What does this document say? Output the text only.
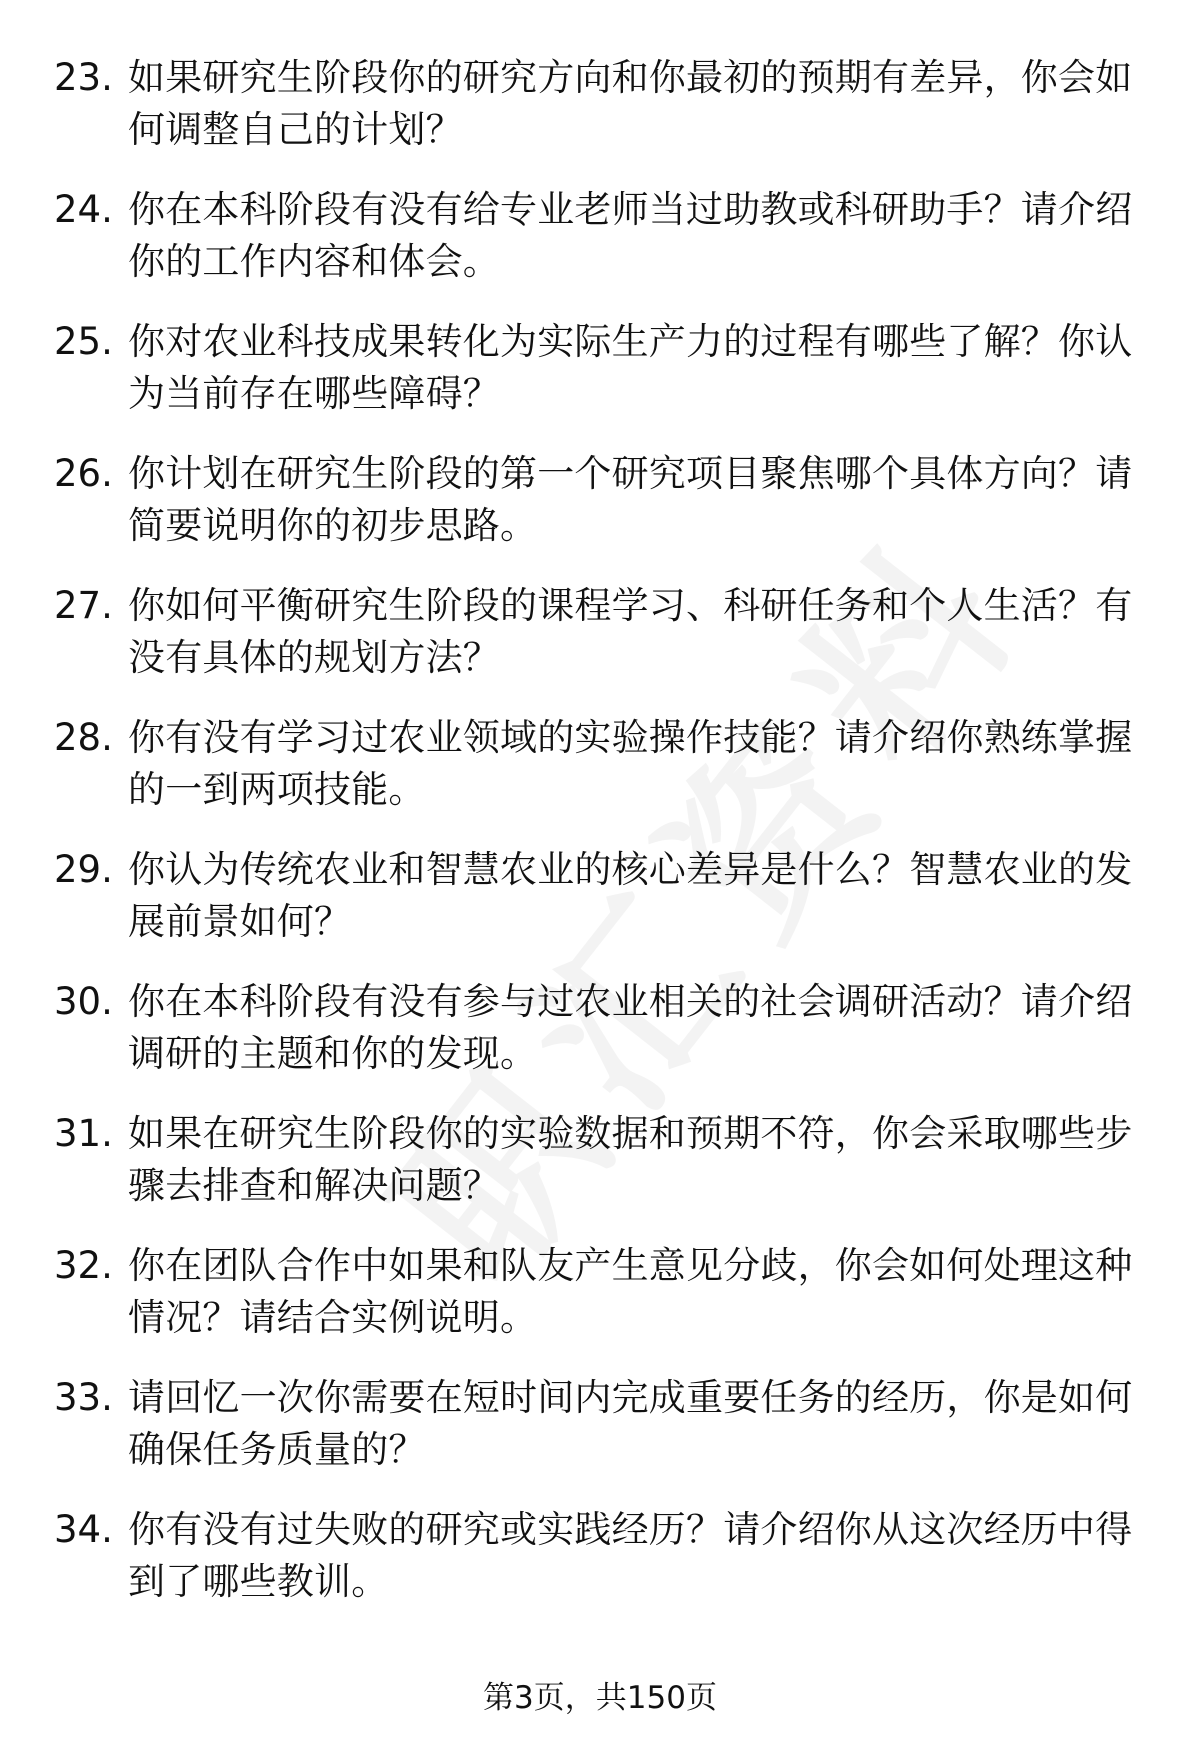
23. 如果研究生阶段你的研究方向和你最初的预期有差异，你会如何调整自己的计划？
24. 你在本科阶段有没有给专业老师当过助教或科研助手？请介绍你的工作内容和体会。
25. 你对农业科技成果转化为实际生产力的过程有哪些了解？你认为当前存在哪些障碍？
26. 你计划在研究生阶段的第一个研究项目聚焦哪个具体方向？请简要说明你的初步思路。
27. 你如何平衡研究生阶段的课程学习、科研任务和个人生活？有没有具体的规划方法？
28. 你有没有学习过农业领域的实验操作技能？请介绍你熟练掌握的一到两项技能。
29. 你认为传统农业和智慧农业的核心差异是什么？智慧农业的发展前景如何？
30. 你在本科阶段有没有参与过农业相关的社会调研活动？请介绍调研的主题和你的发现。
31. 如果在研究生阶段你的实验数据和预期不符，你会采取哪些步骤去排查和解决问题？
32. 你在团队合作中如果和队友产生意见分歧，你会如何处理这种情况？请结合实例说明。
33. 请回忆一次你需要在短时间内完成重要任务的经历，你是如何确保任务质量的？
34. 你有没有过失败的研究或实践经历？请介绍你从这次经历中得到了哪些教训。
第3页，共150页
